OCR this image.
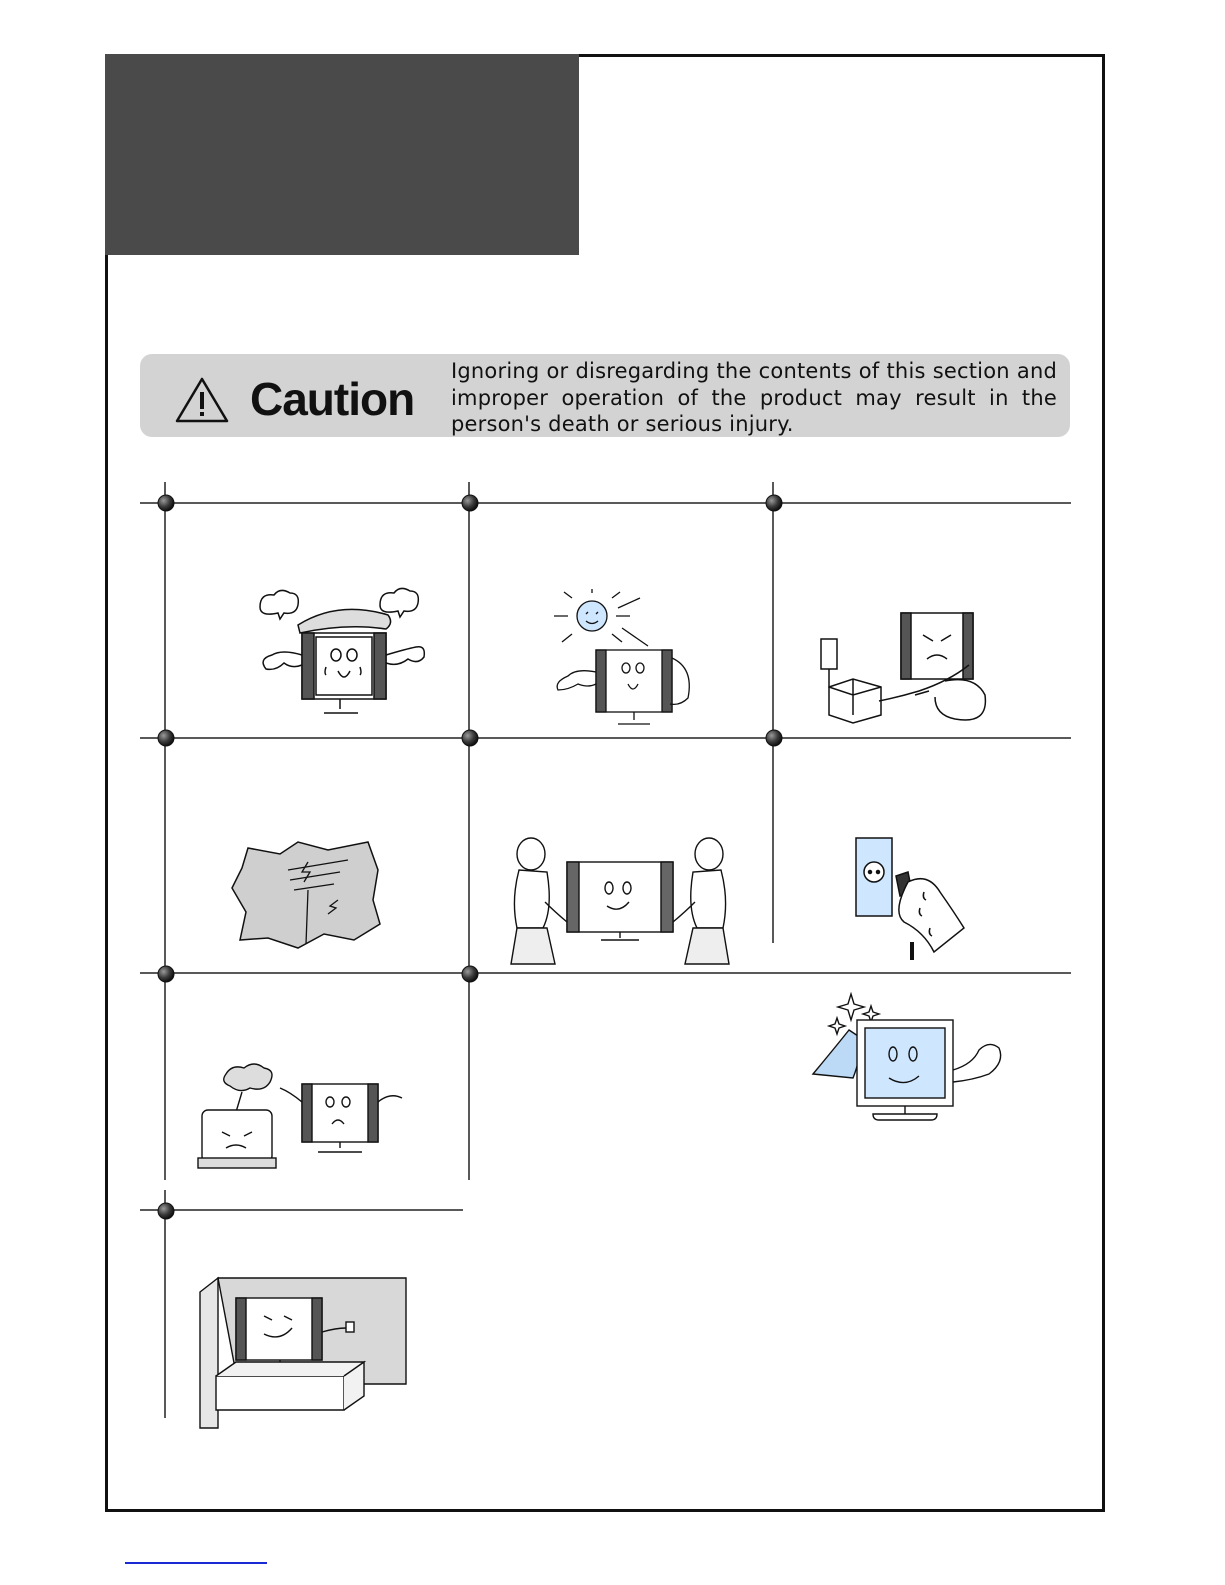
Caution
Ignoring or disregarding the contents of this section and improper operation of the product may result in the person's death or serious injury.
